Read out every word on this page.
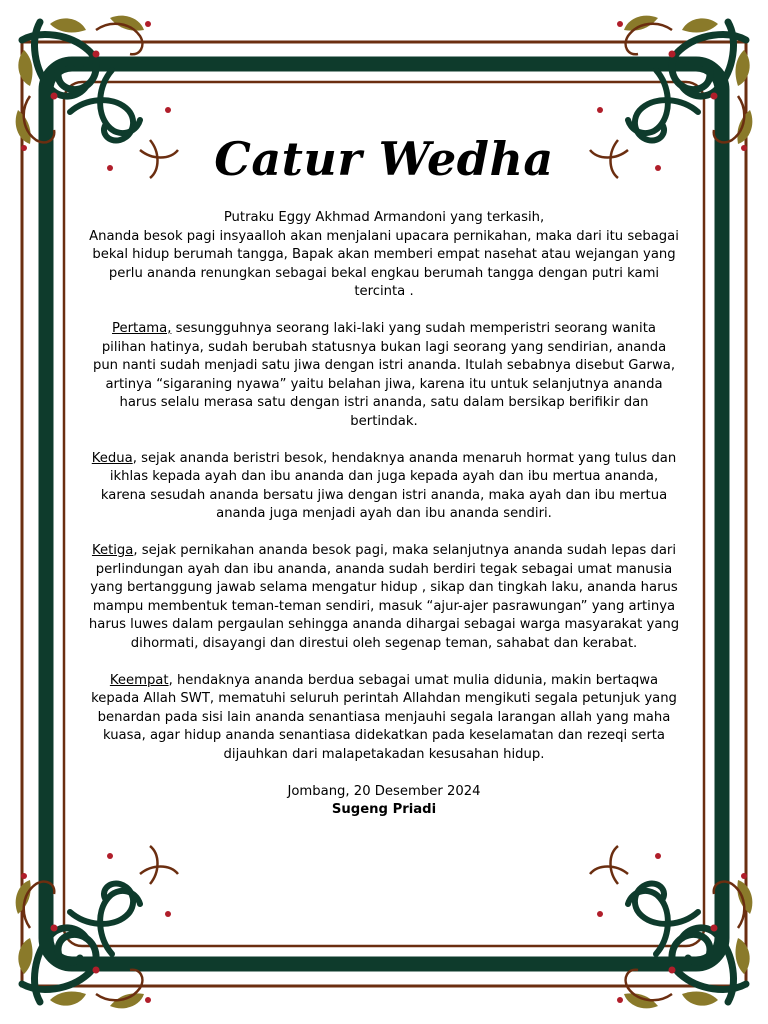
Catur Wedha
Putraku Eggy Akhmad Armandoni yang terkasih,
Ananda besok pagi insyaalloh akan menjalani upacara pernikahan, maka dari itu sebagai bekal hidup berumah tangga, Bapak akan memberi empat nasehat atau wejangan yang perlu ananda renungkan sebagai bekal engkau berumah tangga dengan putri kami tercinta .
Pertama, sesungguhnya seorang laki-laki yang sudah memperistri seorang wanita pilihan hatinya, sudah berubah statusnya bukan lagi seorang yang sendirian, ananda pun nanti sudah menjadi satu jiwa dengan istri ananda. Itulah sebabnya disebut Garwa, artinya “sigaraning nyawa” yaitu belahan jiwa, karena itu untuk selanjutnya ananda harus selalu merasa satu dengan istri ananda, satu dalam bersikap berifikir dan bertindak.
Kedua, sejak ananda beristri besok, hendaknya ananda menaruh hormat yang tulus dan ikhlas kepada ayah dan ibu ananda dan juga kepada ayah dan ibu mertua ananda, karena sesudah ananda bersatu jiwa dengan istri ananda, maka ayah dan ibu mertua ananda juga menjadi ayah dan ibu ananda sendiri.
Ketiga, sejak pernikahan ananda besok pagi, maka selanjutnya ananda sudah lepas dari perlindungan ayah dan ibu ananda, ananda sudah berdiri tegak sebagai umat manusia yang bertanggung jawab selama mengatur hidup , sikap dan tingkah laku, ananda harus mampu membentuk teman-teman sendiri, masuk “ajur-ajer pasrawungan” yang artinya harus luwes dalam pergaulan sehingga ananda dihargai sebagai warga masyarakat yang dihormati, disayangi dan direstui oleh segenap teman, sahabat dan kerabat.
Keempat, hendaknya ananda berdua sebagai umat mulia didunia, makin bertaqwa kepada Allah SWT, mematuhi seluruh perintah Allahdan mengikuti segala petunjuk yang benardan pada sisi lain ananda senantiasa menjauhi segala larangan allah yang maha kuasa, agar hidup ananda senantiasa didekatkan pada keselamatan dan rezeqi serta dijauhkan dari malapetakadan kesusahan hidup.
Jombang, 20 Desember 2024
Sugeng Priadi
